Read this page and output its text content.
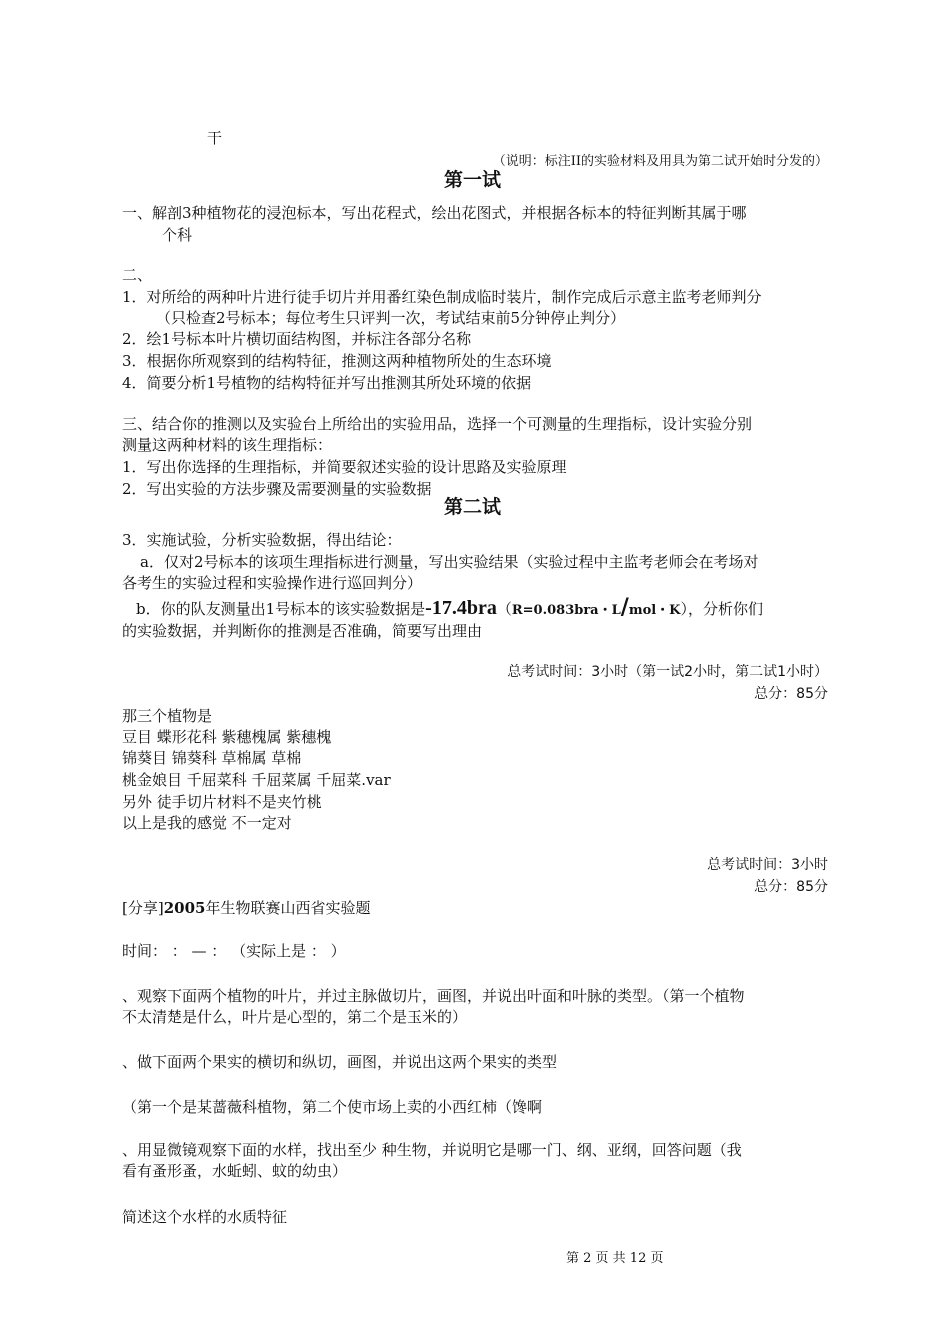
干
（说明：标注II的实验材料及用具为第二试开始时分发的）
第一试
一、解剖3种植物花的浸泡标本，写出花程式，绘出花图式，并根据各标本的特征判断其属于哪
个科
二、
1．对所给的两种叶片进行徒手切片并用番红染色制成临时装片，制作完成后示意主监考老师判分
（只检查2号标本；每位考生只评判一次，考试结束前5分钟停止判分）
2．绘1号标本叶片横切面结构图，并标注各部分名称
3．根据你所观察到的结构特征，推测这两种植物所处的生态环境
4．简要分析1号植物的结构特征并写出推测其所处环境的依据
三、结合你的推测以及实验台上所给出的实验用品，选择一个可测量的生理指标，设计实验分别
测量这两种材料的该生理指标：
1．写出你选择的生理指标，并简要叙述实验的设计思路及实验原理
2．写出实验的方法步骤及需要测量的实验数据
第二试
3．实施试验，分析实验数据，得出结论：
a．仅对2号标本的该项生理指标进行测量，写出实验结果（实验过程中主监考老师会在考场对
各考生的实验过程和实验操作进行巡回判分）
b．你的队友测量出1号标本的该实验数据是-17.4bra（R=0.083bra・L/mol・K），分析你们
的实验数据，并判断你的推测是否准确，简要写出理由
总考试时间：3小时（第一试2小时，第二试1小时）
总分：85分
那三个植物是
豆目 蝶形花科 紫穗槐属 紫穗槐
锦葵目 锦葵科 草棉属 草棉
桃金娘目 千屈菜科 千屈菜属 千屈菜.var
另外 徒手切片材料不是夹竹桃
以上是我的感觉 不一定对
总考试时间：3小时
总分：85分
[分享]2005年生物联赛山西省实验题
时间： ： — ： （实际上是 ： ）
、观察下面两个植物的叶片，并过主脉做切片，画图，并说出叶面和叶脉的类型。（第一个植物
不太清楚是什么，叶片是心型的，第二个是玉米的）
、做下面两个果实的横切和纵切，画图，并说出这两个果实的类型
（第一个是某蔷薇科植物，第二个使市场上卖的小西红柿（馋啊
、用显微镜观察下面的水样，找出至少 种生物，并说明它是哪一门、纲、亚纲，回答问题（我
看有蚤形蚤，水蚯蚓、蚊的幼虫）
简述这个水样的水质特征
第 2 页 共 12 页
